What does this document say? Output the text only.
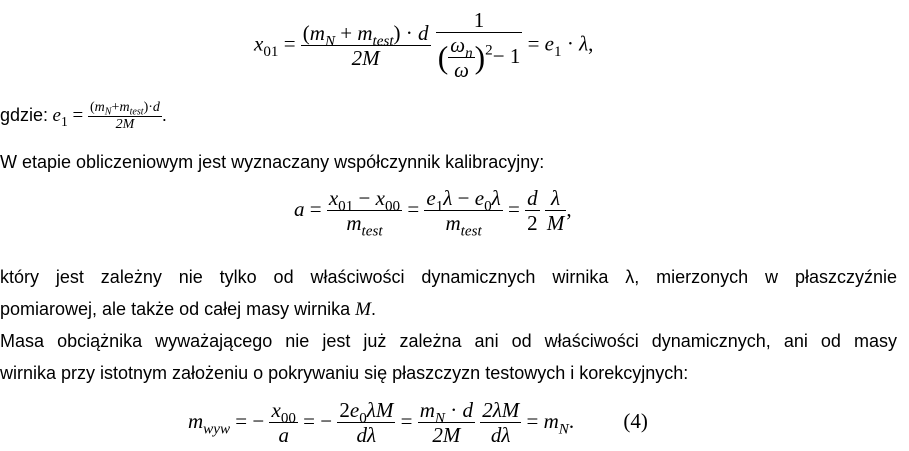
$x_{01} = \frac{(m_N + m_{test}) \cdot d}{2M}$
$\frac{1}{( \frac{\omega_n}{\omega} )^2- 1} = e_1 \cdot \lambda$,
gdzie: $e_1 = \frac{(m_N+m_{test})\cdot d}{2M}$ .
W etapie obliczeniowym jest wyznaczany współczynnik kalibracyjny:
$a = \frac{x_{01} - x_{00}}{m_{test}} = \frac{e_1\lambda - e_0\lambda}{m_{test}} = \frac{d}{2}$
$\frac{\lambda}{M}$ ,
który jest zależny nie tylko od właściwości dynamicznych wirnika λ, mierzonych w płaszczyźnie
pomiarowej, ale także od całej masy wirnika M.
Masa obciążnika wyważającego nie jest już zależna ani od właściwości dynamicznych, ani od masy
wirnika przy istotnym założeniu o pokrywaniu się płaszczyzn testowych i korekcyjnych:
$m_{wyw}$ = − $\frac{x_{00}}{a}$ = − $\frac{2e_0\lambda M}{d\lambda} = \frac{m_N \cdot d}{2M}$
$\frac{2\lambda M}{d\lambda} = m_N$. (4)
